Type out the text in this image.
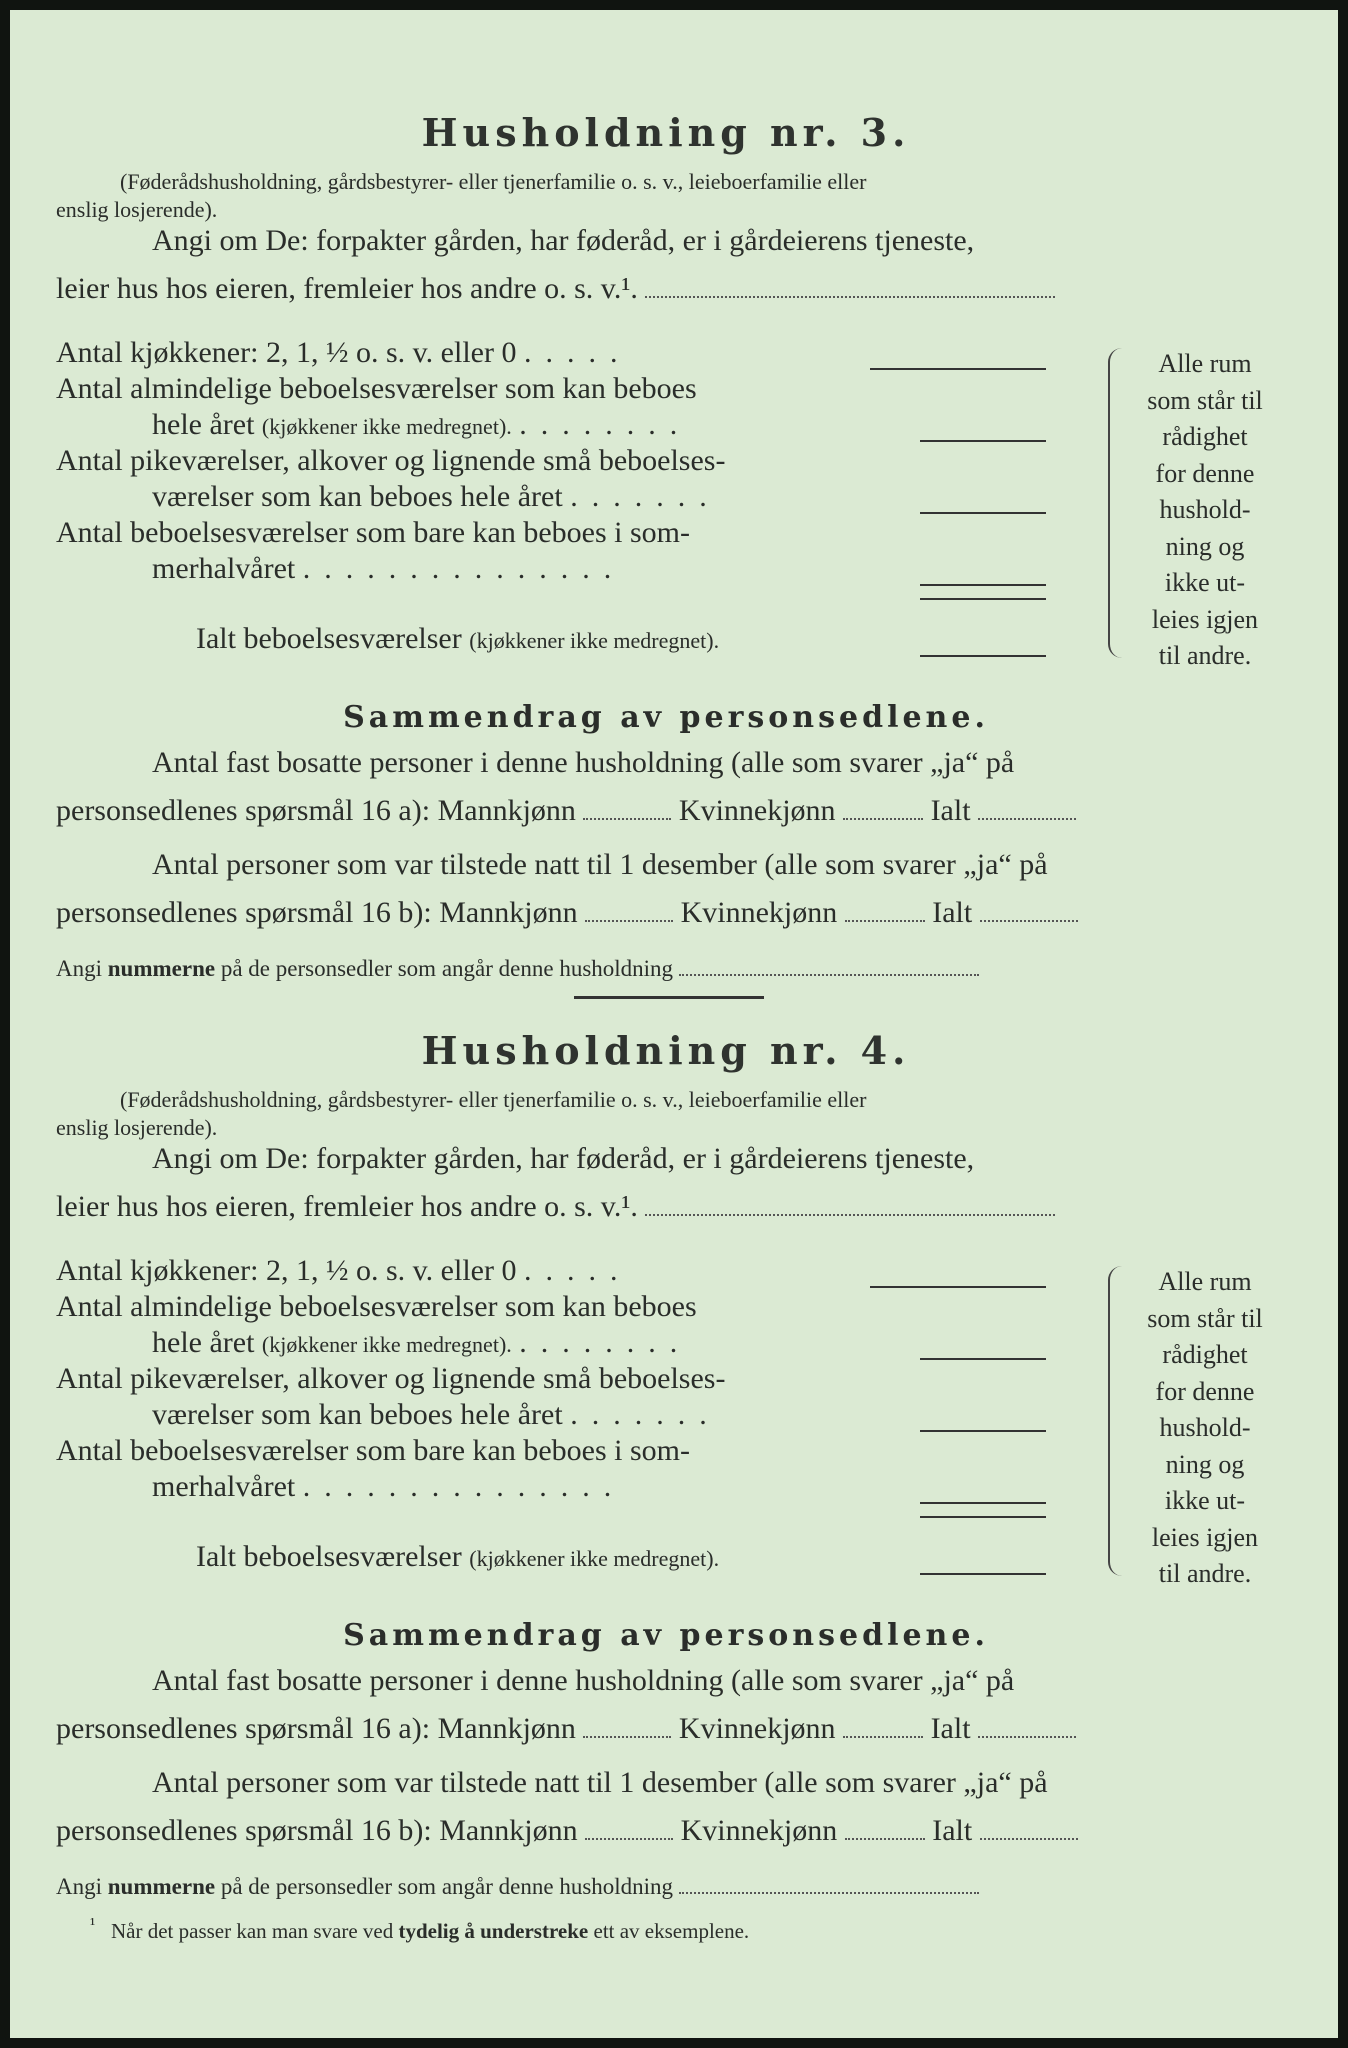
Husholdning nr. 3.
(Føderådshusholdning, gårdsbestyrer- eller tjenerfamilie o. s. v., leieboerfamilie eller
enslig losjerende).
Angi om De: forpakter gården, har føderåd, er i gårdeierens tjeneste,
leier hus hos eieren, fremleier hos andre o. s. v.¹.
Antal kjøkkener: 2, 1, ½ o. s. v. eller 0 .....
Antal almindelige beboelsesværelser som kan beboes
hele året (kjøkkener ikke medregnet). ........
Antal pikeværelser, alkover og lignende små beboelses-
værelser som kan beboes hele året .......
Antal beboelsesværelser som bare kan beboes i som-
merhalvåret ...............
Ialt beboelsesværelser (kjøkkener ikke medregnet).
Alle rum
som står til
rådighet
for denne
hushold-
ning og
ikke ut-
leies igjen
til andre.
Sammendrag av personsedlene.
Antal fast bosatte personer i denne husholdning (alle som svarer „ja“ på
personsedlenes spørsmål 16 a): Mannkjønn	Kvinnekjønn	Ialt
Antal personer som var tilstede natt til 1 desember (alle som svarer „ja“ på
personsedlenes spørsmål 16 b): Mannkjønn	Kvinnekjønn	Ialt
Angi nummerne på de personsedler som angår denne husholdning
Husholdning nr. 4.
(Føderådshusholdning, gårdsbestyrer- eller tjenerfamilie o. s. v., leieboerfamilie eller
enslig losjerende).
Angi om De: forpakter gården, har føderåd, er i gårdeierens tjeneste,
leier hus hos eieren, fremleier hos andre o. s. v.¹.
Antal kjøkkener: 2, 1, ½ o. s. v. eller 0 .....
Antal almindelige beboelsesværelser som kan beboes
hele året (kjøkkener ikke medregnet). ........
Antal pikeværelser, alkover og lignende små beboelses-
værelser som kan beboes hele året .......
Antal beboelsesværelser som bare kan beboes i som-
merhalvåret ...............
Ialt beboelsesværelser (kjøkkener ikke medregnet).
Alle rum
som står til
rådighet
for denne
hushold-
ning og
ikke ut-
leies igjen
til andre.
Sammendrag av personsedlene.
Antal fast bosatte personer i denne husholdning (alle som svarer „ja“ på
personsedlenes spørsmål 16 a): Mannkjønn	Kvinnekjønn	Ialt
Antal personer som var tilstede natt til 1 desember (alle som svarer „ja“ på
personsedlenes spørsmål 16 b): Mannkjønn	Kvinnekjønn	Ialt
Angi nummerne på de personsedler som angår denne husholdning
$^{^1}$ Når det passer kan man svare ved tydelig å understreke ett av eksemplene.
